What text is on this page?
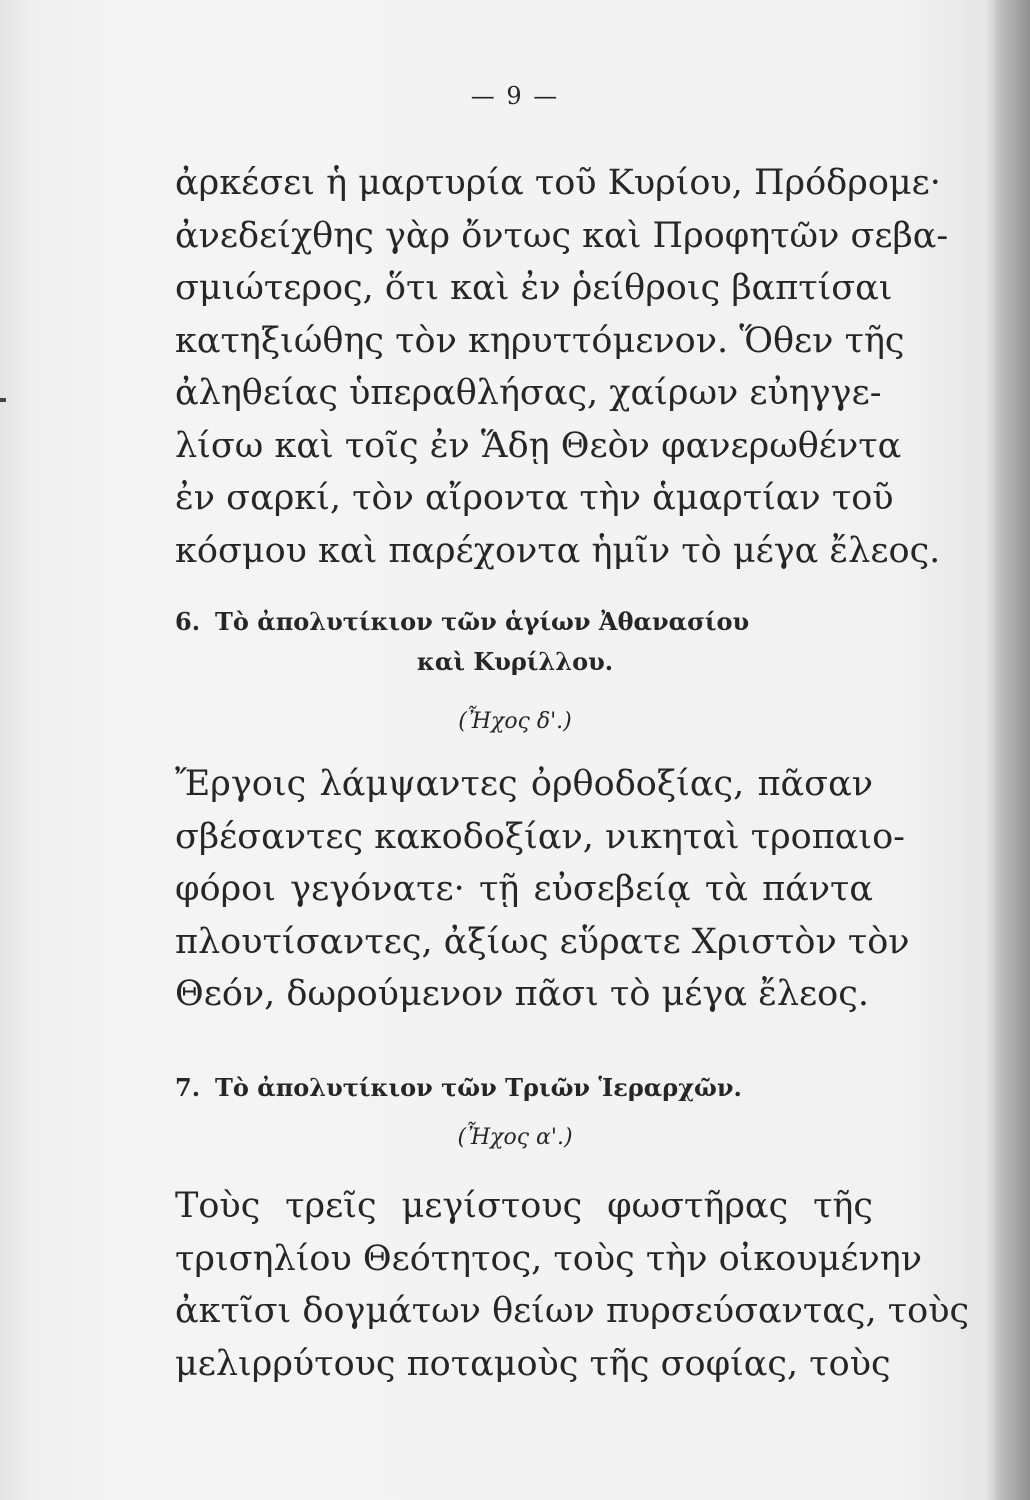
— 9 —
ἀρκέσει ἡ μαρτυρία τοῦ Κυρίου, Πρόδρομε·
ἀνεδείχθης γὰρ ὄντως καὶ Προφητῶν σεβα-
σμιώτερος, ὅτι καὶ ἐν ῥείθροις βαπτίσαι
κατηξιώθης τὸν κηρυττόμενον. Ὅθεν τῆς
ἀληθείας ὑπεραθλήσας, χαίρων εὐηγγε-
λίσω καὶ τοῖς ἐν Ἅδῃ Θεὸν φανερωθέντα
ἐν σαρκί, τὸν αἴροντα τὴν ἁμαρτίαν τοῦ
κόσμου καὶ παρέχοντα ἡμῖν τὸ μέγα ἔλεος.
6. Τὸ ἀπολυτίκιον τῶν ἁγίων Ἀθανασίου
καὶ Κυρίλλου.
(Ἦχος δ'.)
Ἔργοις λάμψαντες ὀρθοδοξίας, πᾶσαν
σβέσαντες κακοδοξίαν, νικηταὶ τροπαιο-
φόροι γεγόνατε· τῇ εὐσεβείᾳ τὰ πάντα
πλουτίσαντες, ἀξίως εὕρατε Χριστὸν τὸν
Θεόν, δωρούμενον πᾶσι τὸ μέγα ἔλεος.
7. Τὸ ἀπολυτίκιον τῶν Τριῶν Ἱεραρχῶν.
(Ἦχος α'.)
Τοὺς τρεῖς μεγίστους φωστῆρας τῆς
τρισηλίου Θεότητος, τοὺς τὴν οἰκουμένην
ἀκτῖσι δογμάτων θείων πυρσεύσαντας, τοὺς
μελιρρύτους ποταμοὺς τῆς σοφίας, τοὺς
